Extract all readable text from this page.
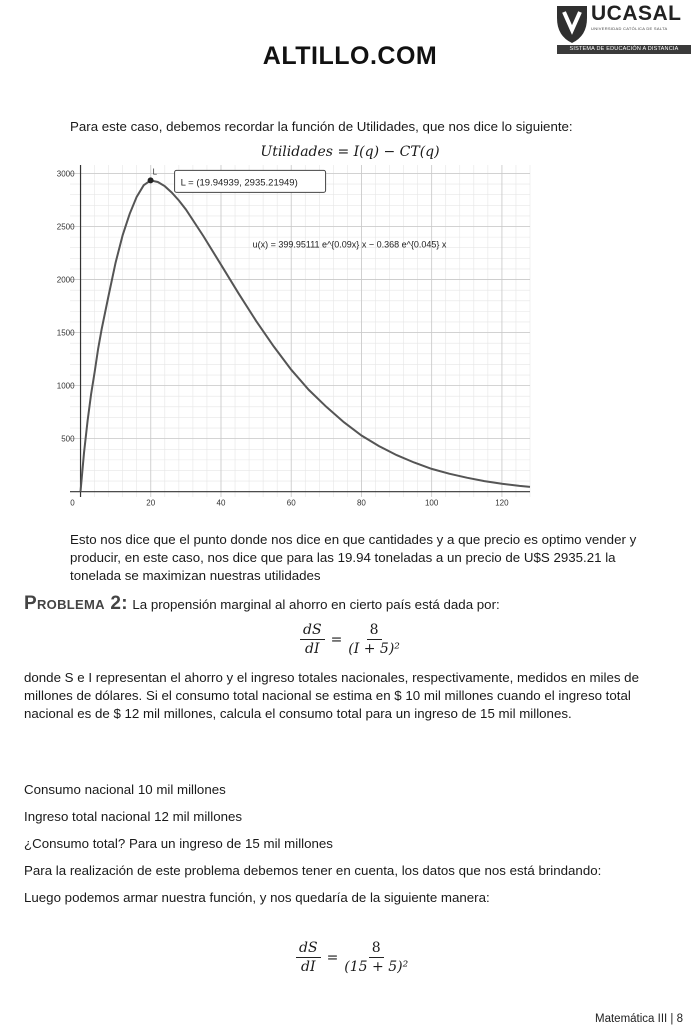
ALTILLO.COM
UCASAL
UNIVERSIDAD CATÓLICA DE SALTA
SISTEMA DE EDUCACIÓN A DISTANCIA
Para este caso, debemos recordar la función de Utilidades, que nos dice lo siguiente:
Utilidades = I(q) − CT(q)
0	20	40	60	80	100	120
500
1000
1500
2000
2500
3000	L
L = (19.94939, 2935.21949)
u(x) = 399.95111 e^{0.09x} x − 0.368 e^{0.045} x
Esto nos dice que el punto donde nos dice en que cantidades y a que precio es optimo vender y producir, en este caso, nos dice que para las 19.94 toneladas a un precio de U$S 2935.21 la tonelada se maximizan nuestras utilidades
Problema 2: La propensión marginal al ahorro en cierto país está dada por:
$\frac{dS}{dI} = \frac{8}{\text{(I + 5)²}}$
donde S e I representan el ahorro y el ingreso totales nacionales, respectivamente, medidos en miles de millones de dólares. Si el consumo total nacional se estima en $ 10 mil millones cuando el ingreso total nacional es de $ 12 mil millones, calcula el consumo total para un ingreso de 15 mil millones.
Consumo nacional 10 mil millones
Ingreso total nacional 12 mil millones
¿Consumo total? Para un ingreso de 15 mil millones
Para la realización de este problema debemos tener en cuenta, los datos que nos está brindando:
Luego podemos armar nuestra función, y nos quedaría de la siguiente manera:
$\frac{dS}{dI} = \frac{8}{\text{(15 + 5)²}}$
Matemática III | 8
